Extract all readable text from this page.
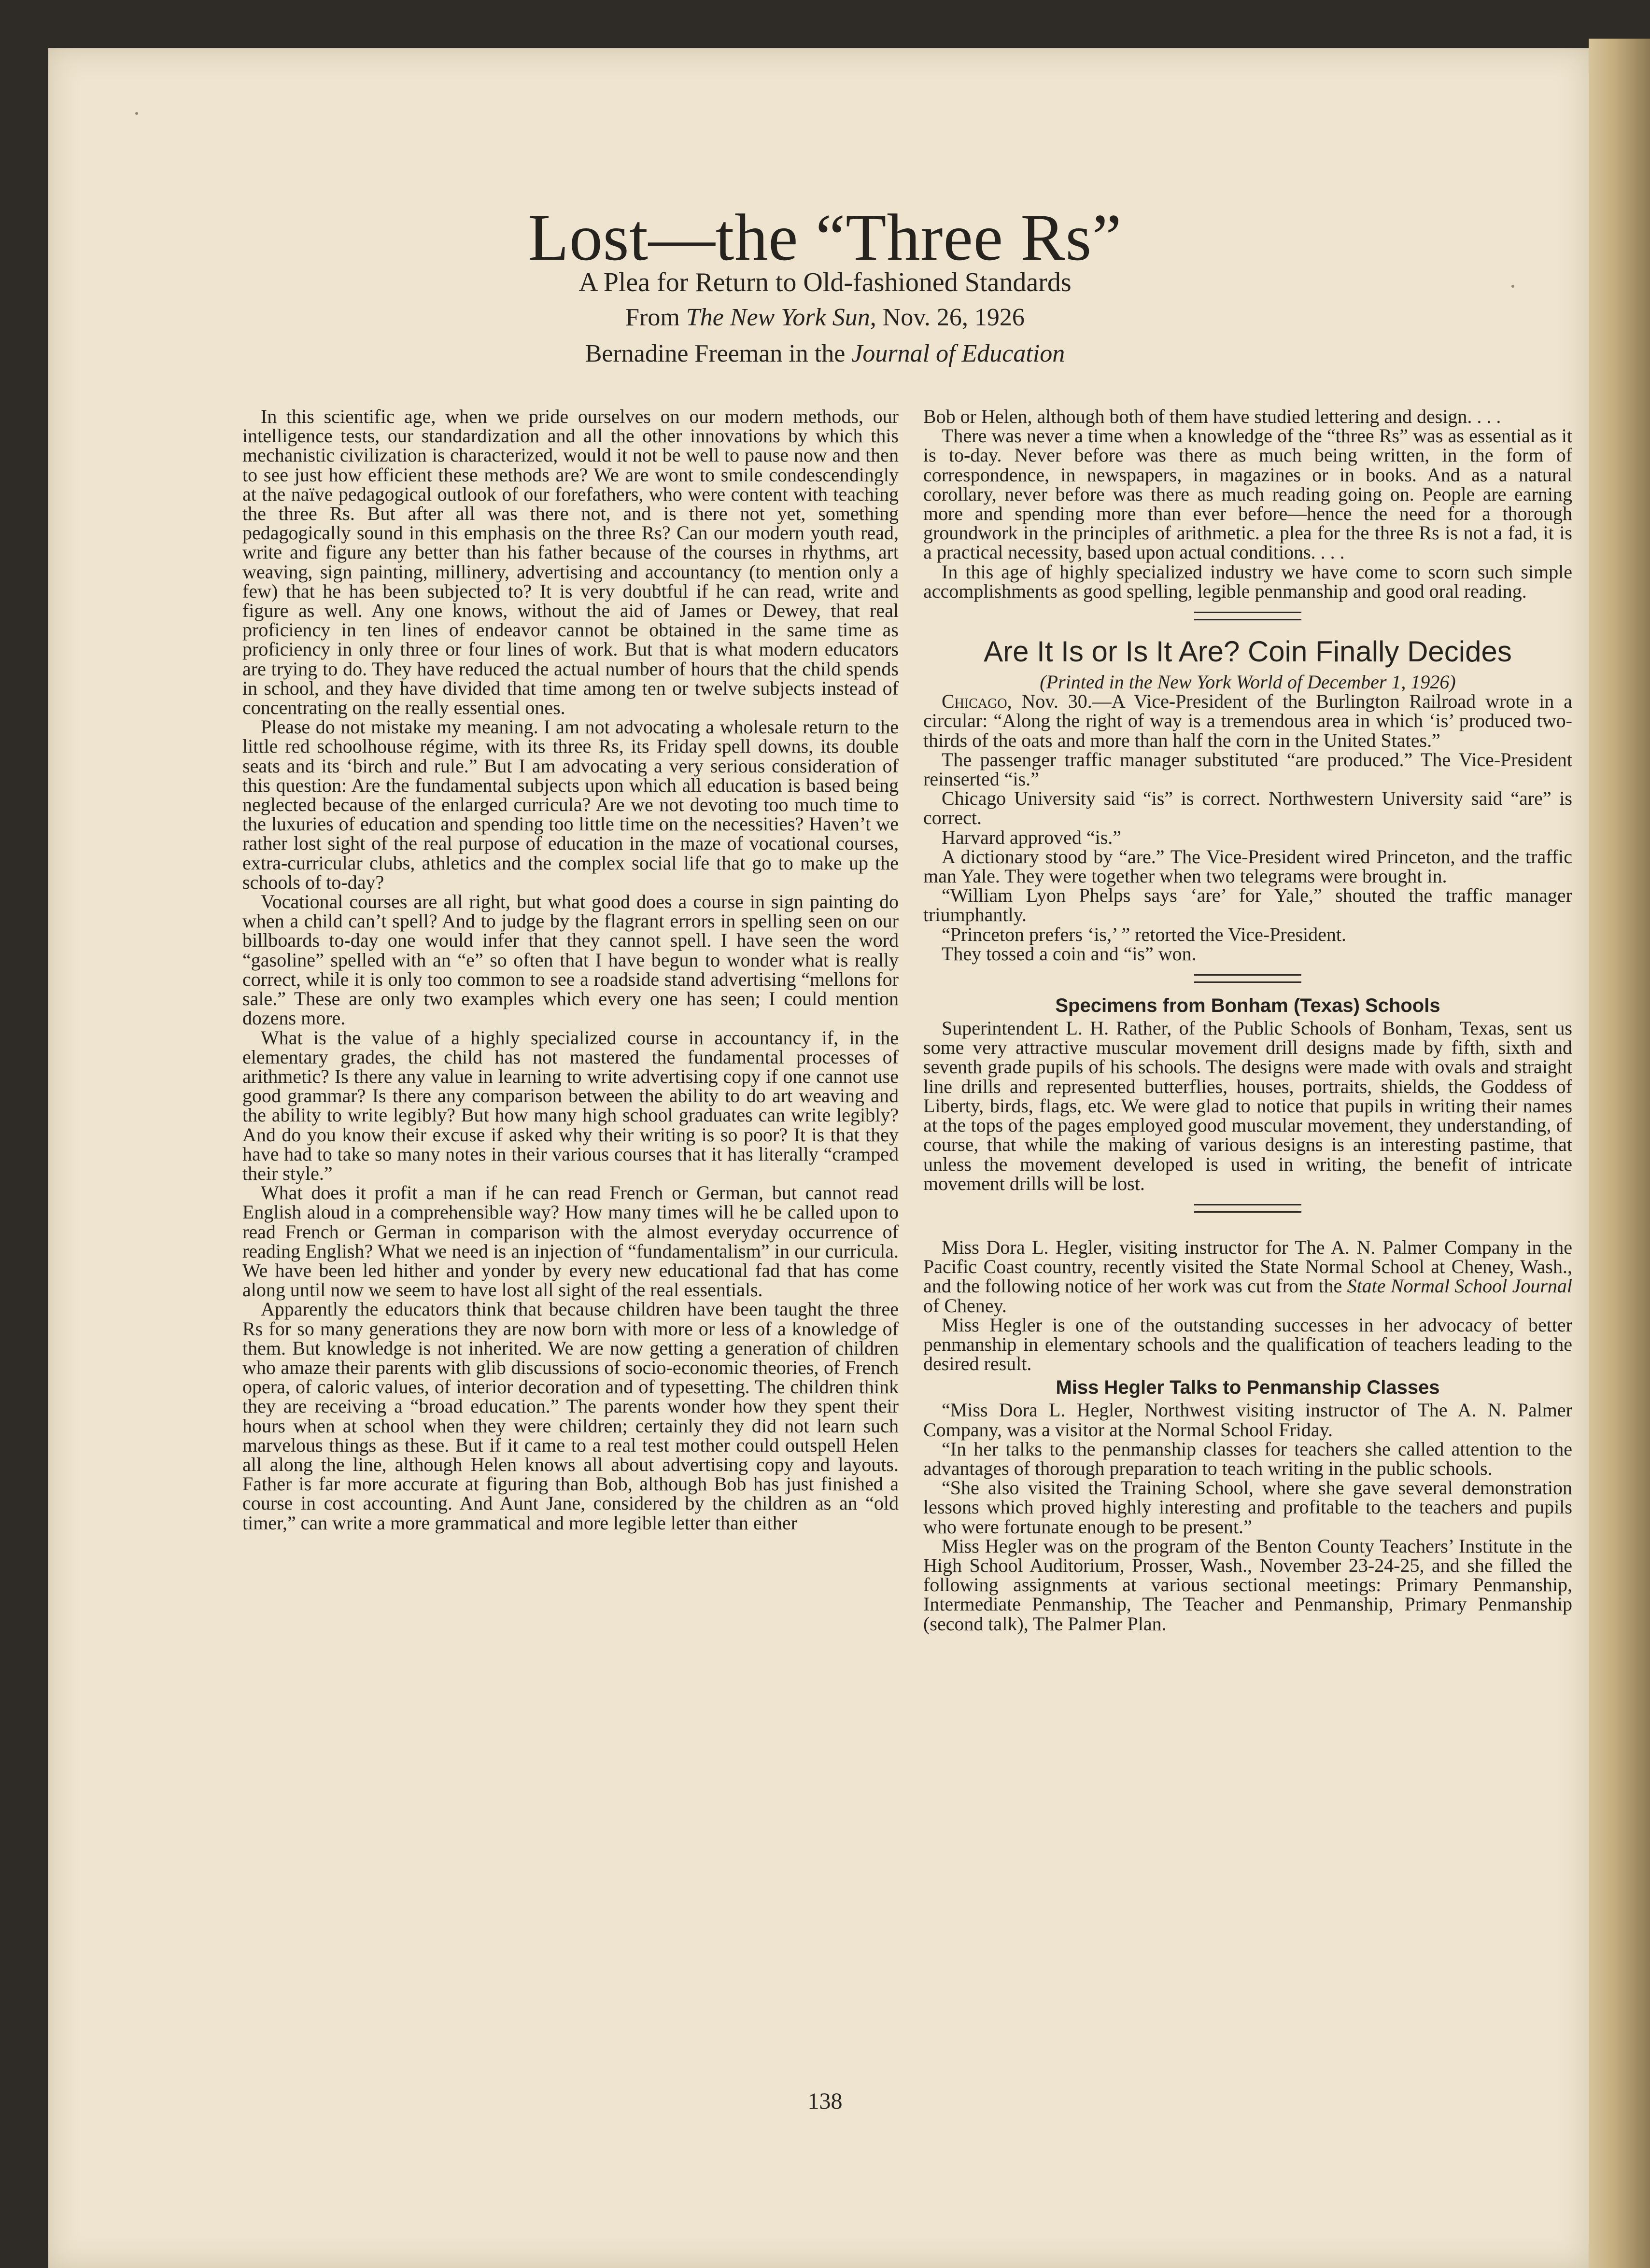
Lost—the “Three Rs”
A Plea for Return to Old-fashioned Standards
From The New York Sun, Nov. 26, 1926
Bernadine Freeman in the Journal of Education

In this scientific age, when we pride ourselves on our modern methods, our intelligence tests, our standardization and all the other innovations by which this mechanistic civilization is characterized, would it not be well to pause now and then to see just how efficient these methods are? We are wont to smile condescendingly at the naïve pedagogical outlook of our forefathers, who were content with teaching the three Rs. But after all was there not, and is there not yet, something pedagogically sound in this emphasis on the three Rs? Can our modern youth read, write and figure any better than his father because of the courses in rhythms, art weaving, sign painting, millinery, advertising and accountancy (to mention only a few) that he has been subjected to? It is very doubtful if he can read, write and figure as well. Any one knows, without the aid of James or Dewey, that real proficiency in ten lines of endeavor cannot be obtained in the same time as proficiency in only three or four lines of work. But that is what modern educators are trying to do. They have reduced the actual number of hours that the child spends in school, and they have divided that time among ten or twelve subjects instead of concentrating on the really essential ones.

Please do not mistake my meaning. I am not advocating a wholesale return to the little red schoolhouse régime, with its three Rs, its Friday spell downs, its double seats and its ‘birch and rule.” But I am advocating a very serious consideration of this question: Are the fundamental subjects upon which all education is based being neglected because of the enlarged curricula? Are we not devoting too much time to the luxuries of education and spending too little time on the necessities? Haven’t we rather lost sight of the real purpose of education in the maze of vocational courses, extra-curricular clubs, athletics and the complex social life that go to make up the schools of to-day?

Vocational courses are all right, but what good does a course in sign painting do when a child can’t spell? And to judge by the flagrant errors in spelling seen on our billboards to-day one would infer that they cannot spell. I have seen the word “gasoline” spelled with an “e” so often that I have begun to wonder what is really correct, while it is only too common to see a roadside stand advertising “mellons for sale.” These are only two examples which every one has seen; I could mention dozens more.

What is the value of a highly specialized course in accountancy if, in the elementary grades, the child has not mastered the fundamental processes of arithmetic? Is there any value in learning to write advertising copy if one cannot use good grammar? Is there any comparison between the ability to do art weaving and the ability to write legibly? But how many high school graduates can write legibly? And do you know their excuse if asked why their writing is so poor? It is that they have had to take so many notes in their various courses that it has literally “cramped their style.”

What does it profit a man if he can read French or German, but cannot read English aloud in a comprehensible way? How many times will he be called upon to read French or German in comparison with the almost everyday occurrence of reading English? What we need is an injection of “fundamentalism” in our curricula. We have been led hither and yonder by every new educational fad that has come along until now we seem to have lost all sight of the real essentials.

Apparently the educators think that because children have been taught the three Rs for so many generations they are now born with more or less of a knowledge of them. But knowledge is not inherited. We are now getting a generation of children who amaze their parents with glib discussions of socio-economic theories, of French opera, of caloric values, of interior decoration and of typesetting. The children think they are receiving a “broad education.” The parents wonder how they spent their hours when at school when they were children; certainly they did not learn such marvelous things as these. But if it came to a real test mother could outspell Helen all along the line, although Helen knows all about advertising copy and layouts. Father is far more accurate at figuring than Bob, although Bob has just finished a course in cost accounting. And Aunt Jane, considered by the children as an “old timer,” can write a more grammatical and more legible letter than either

Bob or Helen, although both of them have studied lettering and design. . . .

There was never a time when a knowledge of the “three Rs” was as essential as it is to-day. Never before was there as much being written, in the form of correspondence, in newspapers, in magazines or in books. And as a natural corollary, never before was there as much reading going on. People are earning more and spending more than ever before—hence the need for a thorough groundwork in the principles of arithmetic. a plea for the three Rs is not a fad, it is a practical necessity, based upon actual conditions. . . .

In this age of highly specialized industry we have come to scorn such simple accomplishments as good spelling, legible penmanship and good oral reading.

Are It Is or Is It Are? Coin Finally Decides

(Printed in the New York World of December 1, 1926)

Chicago, Nov. 30.—A Vice-President of the Burlington Railroad wrote in a circular: “Along the right of way is a tremendous area in which ‘is’ produced two-thirds of the oats and more than half the corn in the United States.”

The passenger traffic manager substituted “are produced.” The Vice-President reinserted “is.”

Chicago University said “is” is correct. Northwestern University said “are” is correct.

Harvard approved “is.”

A dictionary stood by “are.” The Vice-President wired Princeton, and the traffic man Yale. They were together when two telegrams were brought in.

“William Lyon Phelps says ‘are’ for Yale,” shouted the traffic manager triumphantly.

“Princeton prefers ‘is,’ ” retorted the Vice-President.

They tossed a coin and “is” won.

Specimens from Bonham (Texas) Schools

Superintendent L. H. Rather, of the Public Schools of Bonham, Texas, sent us some very attractive muscular movement drill designs made by fifth, sixth and seventh grade pupils of his schools. The designs were made with ovals and straight line drills and represented butterflies, houses, portraits, shields, the Goddess of Liberty, birds, flags, etc. We were glad to notice that pupils in writing their names at the tops of the pages employed good muscular movement, they understanding, of course, that while the making of various designs is an interesting pastime, that unless the movement developed is used in writing, the benefit of intricate movement drills will be lost.

Miss Dora L. Hegler, visiting instructor for The A. N. Palmer Company in the Pacific Coast country, recently visited the State Normal School at Cheney, Wash., and the following notice of her work was cut from the State Normal School Journal of Cheney.

Miss Hegler is one of the outstanding successes in her advocacy of better penmanship in elementary schools and the qualification of teachers leading to the desired result.

Miss Hegler Talks to Penmanship Classes

“Miss Dora L. Hegler, Northwest visiting instructor of The A. N. Palmer Company, was a visitor at the Normal School Friday.

“In her talks to the penmanship classes for teachers she called attention to the advantages of thorough preparation to teach writing in the public schools.

“She also visited the Training School, where she gave several demonstration lessons which proved highly interesting and profitable to the teachers and pupils who were fortunate enough to be present.”

Miss Hegler was on the program of the Benton County Teachers’ Institute in the High School Auditorium, Prosser, Wash., November 23-24-25, and she filled the following assignments at various sectional meetings: Primary Penmanship, Intermediate Penmanship, The Teacher and Penmanship, Primary Penmanship (second talk), The Palmer Plan.

138
